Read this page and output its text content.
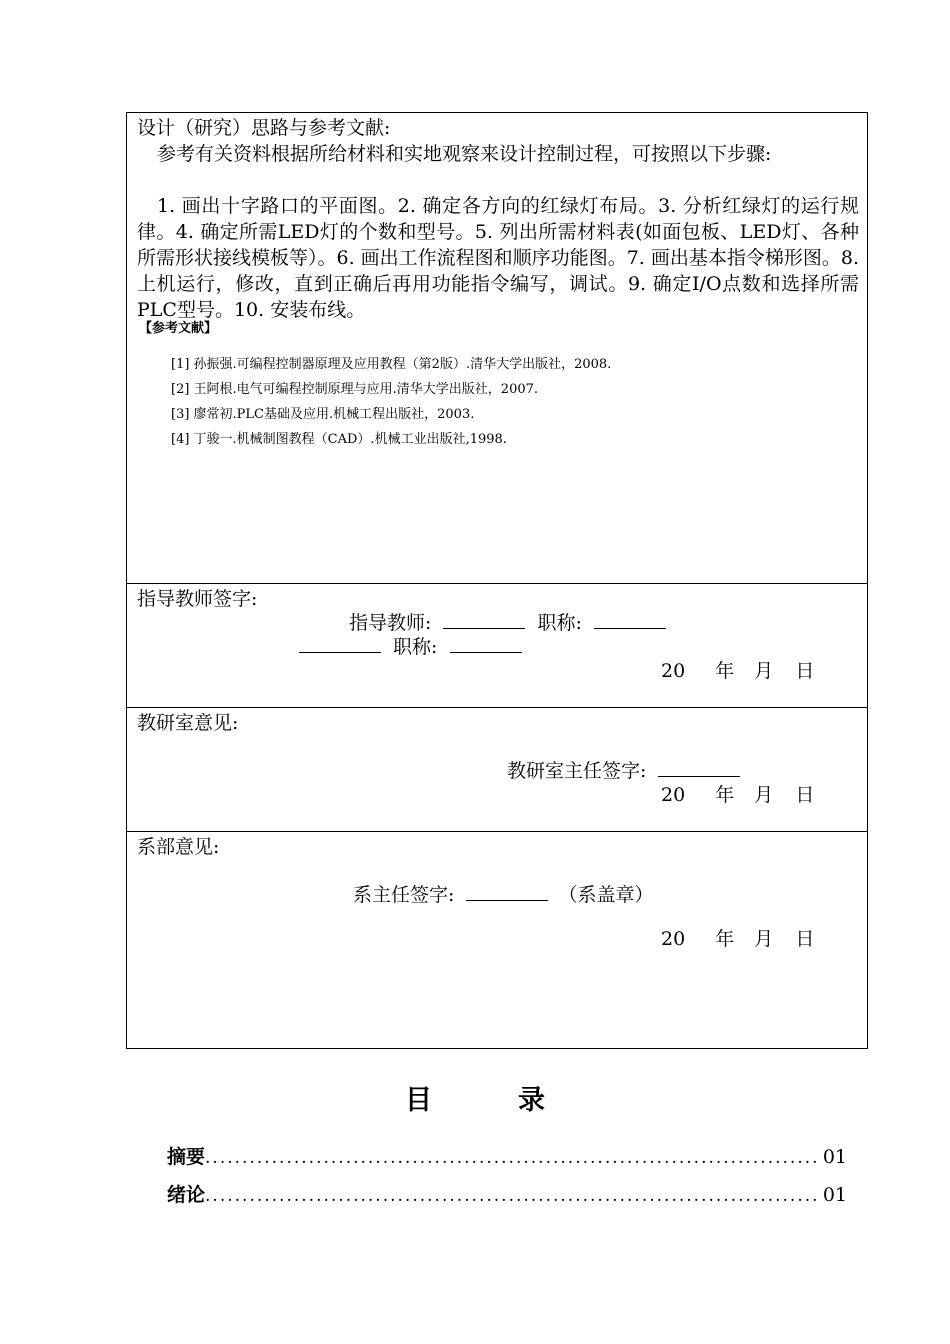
设计（研究）思路与参考文献:
参考有关资料根据所给材料和实地观察来设计控制过程，可按照以下步骤:
1. 画出十字路口的平面图。2. 确定各方向的红绿灯布局。3. 分析红绿灯的运行规律。4. 确定所需LED灯的个数和型号。5. 列出所需材料表(如面包板、LED灯、各种所需形状接线模板等）。6. 画出工作流程图和顺序功能图。7. 画出基本指令梯形图。8. 上机运行，修改，直到正确后再用功能指令编写，调试。9. 确定I/O点数和选择所需PLC型号。10. 安装布线。
【参考文献】
[1] 孙振强.可编程控制器原理及应用教程（第2版）.清华大学出版社，2008.
[2] 王阿根.电气可编程控制原理与应用.清华大学出版社，2007.
[3] 廖常初.PLC基础及应用.机械工程出版社，2003.
[4] 丁骏一.机械制图教程（CAD）.机械工业出版社,1998.
指导教师签字:
指导教师:	职称:
职称:
20 年 月 日
教研室意见:
教研室主任签字:
20 年 月 日
系部意见:
系主任签字:	（系盖章）
20 年 月 日
目	录
摘要 .....	01
绪论 .....	01
